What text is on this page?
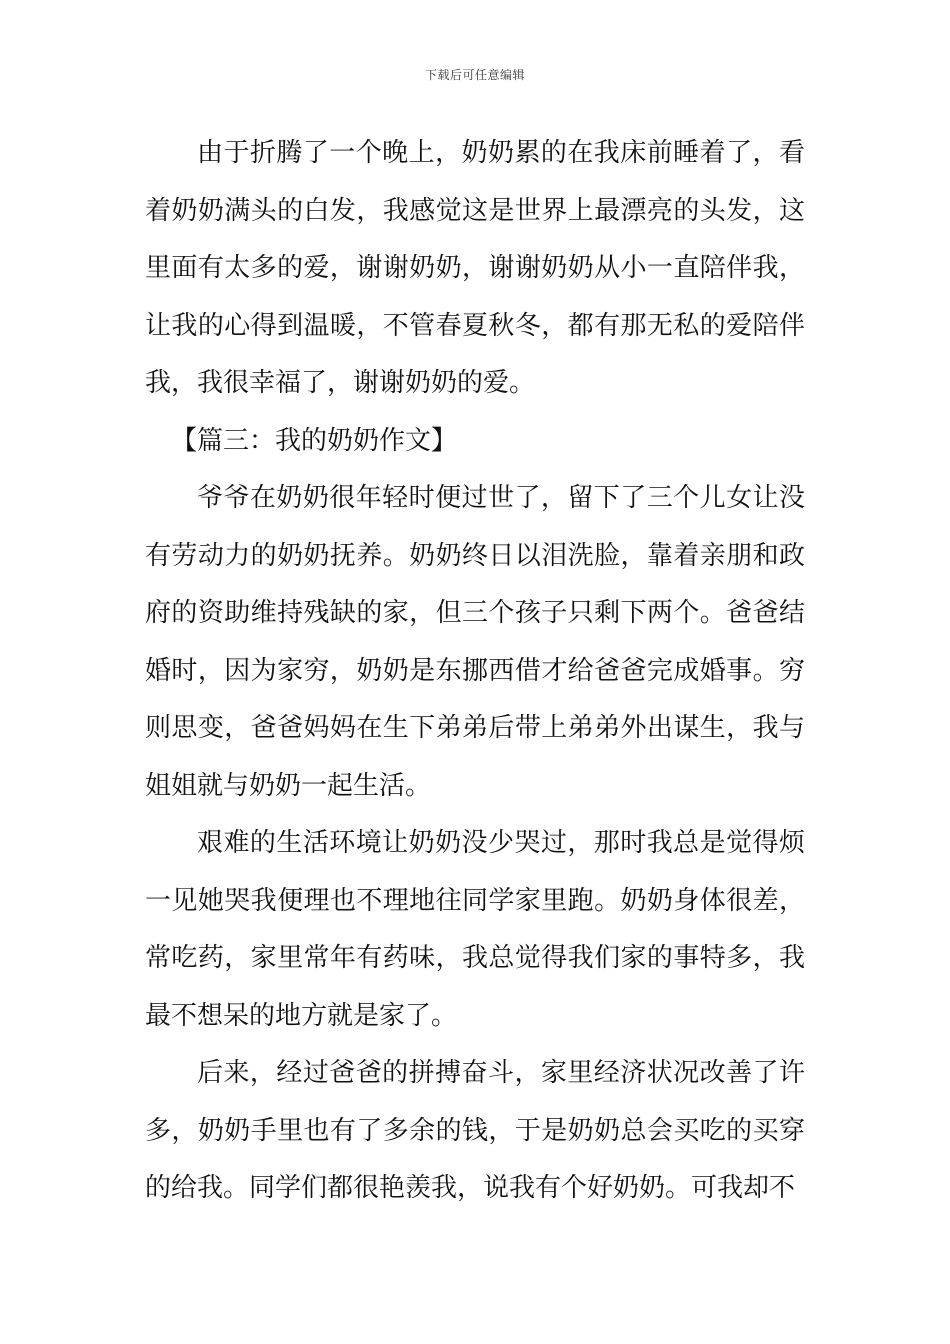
下载后可任意编辑

由于折腾了一个晚上，奶奶累的在我床前睡着了，看着奶奶满头的白发，我感觉这是世界上最漂亮的头发，这里面有太多的爱，谢谢奶奶，谢谢奶奶从小一直陪伴我，让我的心得到温暖，不管春夏秋冬，都有那无私的爱陪伴我，我很幸福了，谢谢奶奶的爱。

【篇三：我的奶奶作文】

爷爷在奶奶很年轻时便过世了，留下了三个儿女让没有劳动力的奶奶抚养。奶奶终日以泪洗脸，靠着亲朋和政府的资助维持残缺的家，但三个孩子只剩下两个。爸爸结婚时，因为家穷，奶奶是东挪西借才给爸爸完成婚事。穷则思变，爸爸妈妈在生下弟弟后带上弟弟外出谋生，我与姐姐就与奶奶一起生活。

艰难的生活环境让奶奶没少哭过，那时我总是觉得烦一见她哭我便理也不理地往同学家里跑。奶奶身体很差，常吃药，家里常年有药味，我总觉得我们家的事特多，我最不想呆的地方就是家了。

后来，经过爸爸的拼搏奋斗，家里经济状况改善了许多，奶奶手里也有了多余的钱，于是奶奶总会买吃的买穿的给我。同学们都很艳羡我，说我有个好奶奶。可我却不
